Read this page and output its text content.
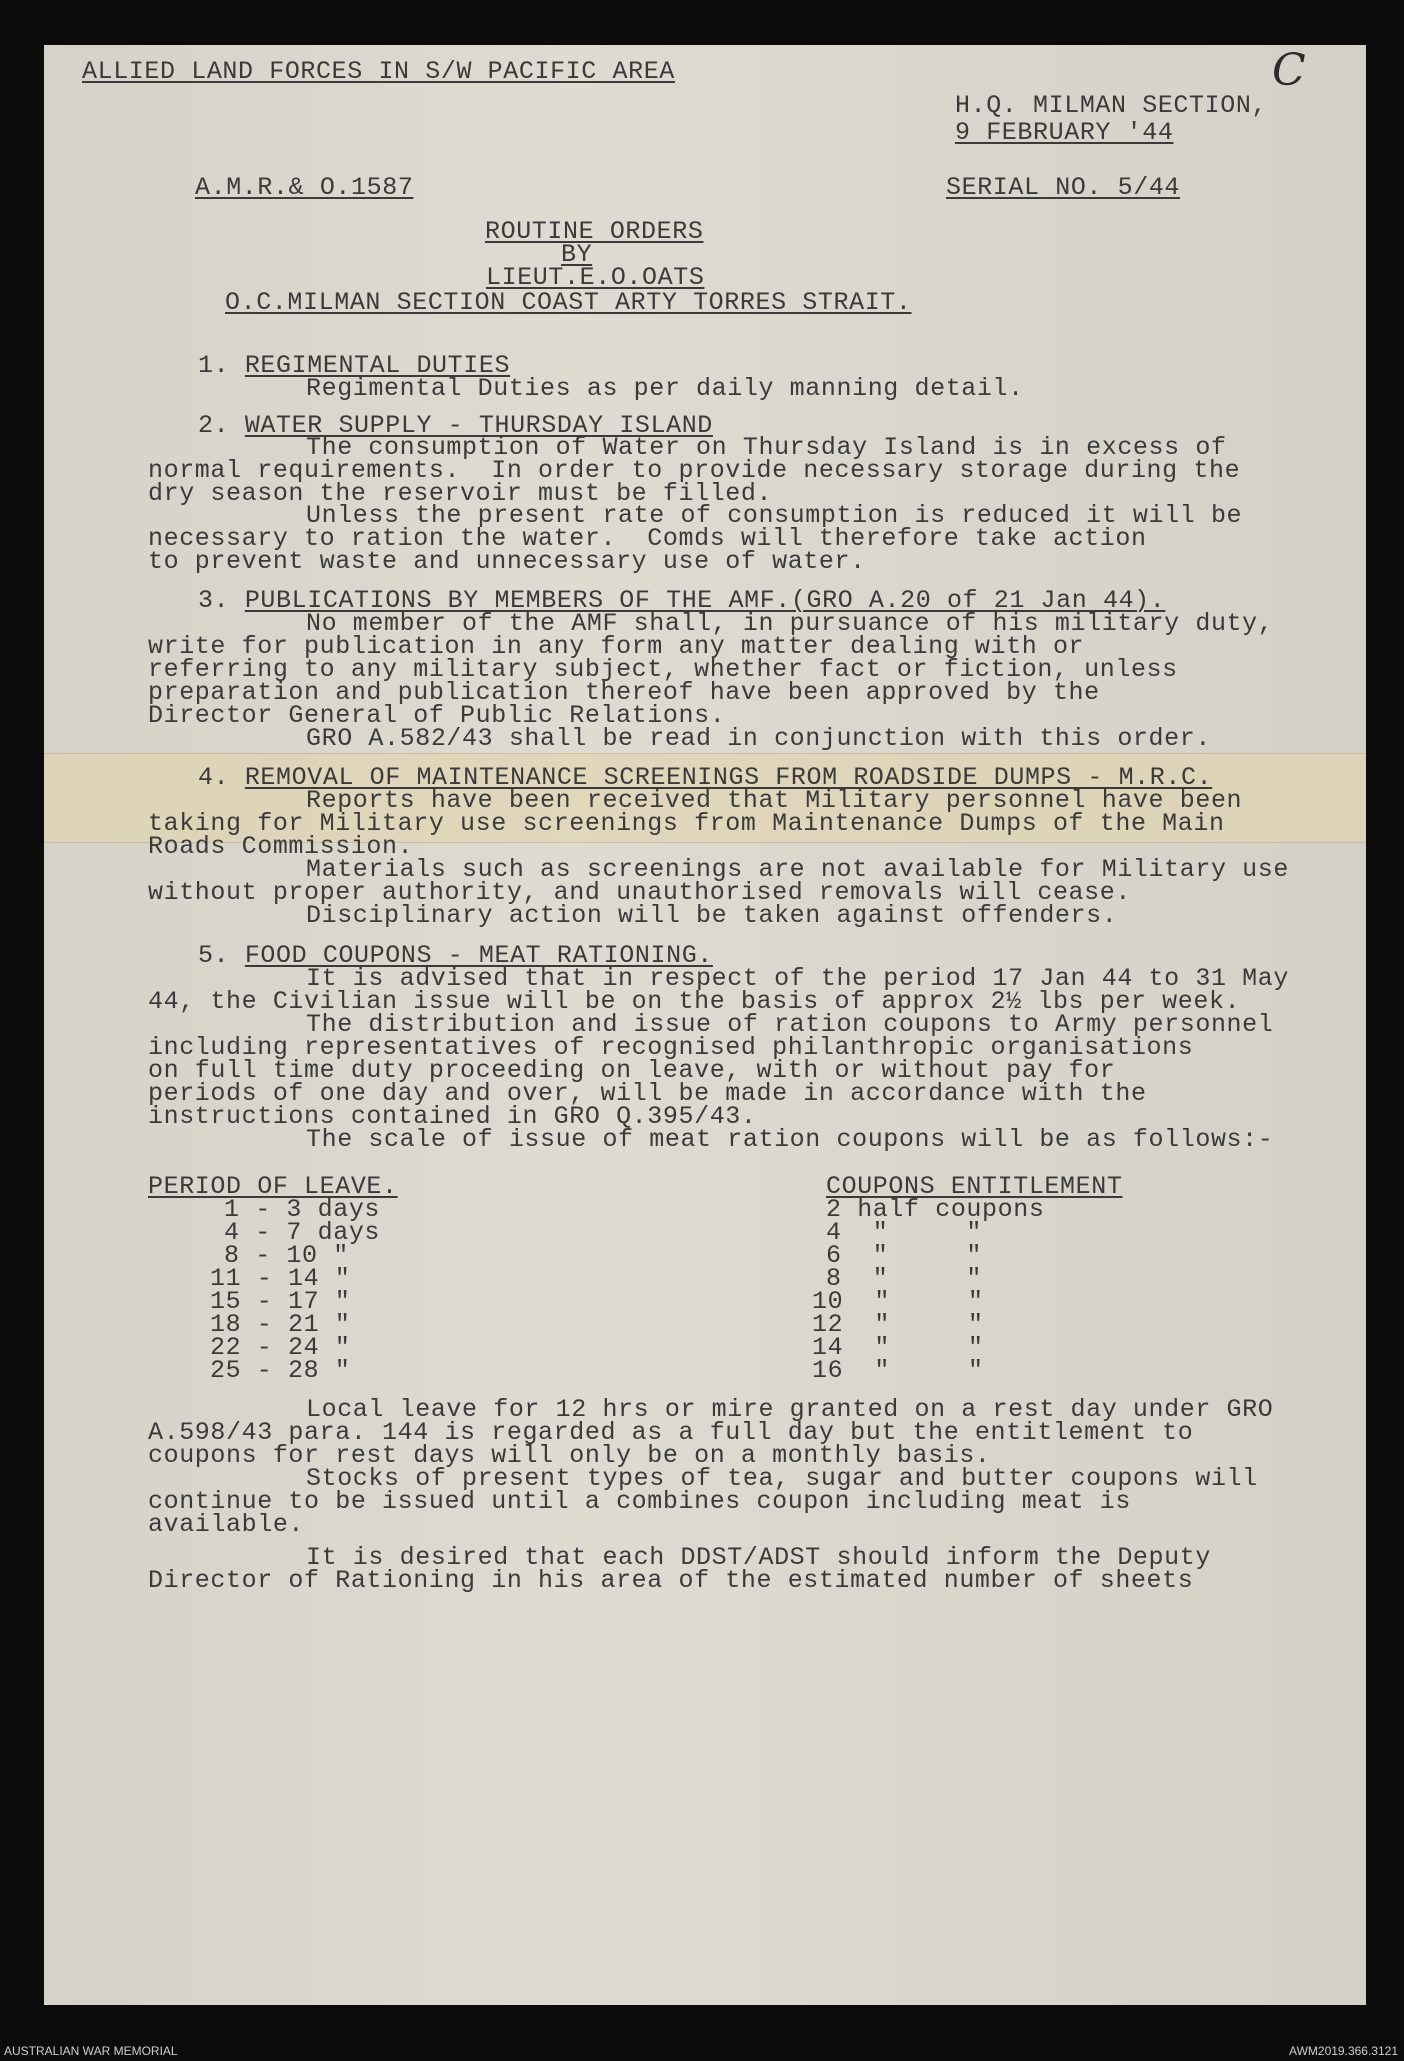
ALLIED LAND FORCES IN S/W PACIFIC AREA	C
H.Q. MILMAN SECTION,
9 FEBRUARY '44
A.M.R.& O.1587	SERIAL NO. 5/44
ROUTINE ORDERS
BY
LIEUT.E.O.OATS
O.C.MILMAN SECTION COAST ARTY TORRES STRAIT.
1. REGIMENTAL DUTIES
Regimental Duties as per daily manning detail.
2. WATER SUPPLY - THURSDAY ISLAND
The consumption of Water on Thursday Island is in excess of
normal requirements.  In order to provide necessary storage during the
dry season the reservoir must be filled.
Unless the present rate of consumption is reduced it will be
necessary to ration the water.  Comds will therefore take action
to prevent waste and unnecessary use of water.
3. PUBLICATIONS BY MEMBERS OF THE AMF.(GRO A.20 of 21 Jan 44).
No member of the AMF shall, in pursuance of his military duty,
write for publication in any form any matter dealing with or
referring to any military subject, whether fact or fiction, unless
preparation and publication thereof have been approved by the
Director General of Public Relations.
GRO A.582/43 shall be read in conjunction with this order.
4. REMOVAL OF MAINTENANCE SCREENINGS FROM ROADSIDE DUMPS - M.R.C.
Reports have been received that Military personnel have been
taking for Military use screenings from Maintenance Dumps of the Main
Roads Commission.
Materials such as screenings are not available for Military use
without proper authority, and unauthorised removals will cease.
Disciplinary action will be taken against offenders.
5. FOOD COUPONS - MEAT RATIONING.
It is advised that in respect of the period 17 Jan 44 to 31 May
44, the Civilian issue will be on the basis of approx 2½ lbs per week.
The distribution and issue of ration coupons to Army personnel
including representatives of recognised philanthropic organisations
on full time duty proceeding on leave, with or without pay for
periods of one day and over, will be made in accordance with the
instructions contained in GRO Q.395/43.
The scale of issue of meat ration coupons will be as follows:-
PERIOD OF LEAVE.	COUPONS ENTITLEMENT
1 - 3 days	2 half coupons
4 - 7 days	4  "     "
8 - 10 "	6  "     "
11 - 14 "	8  "     "
15 - 17 "	10  "     "
18 - 21 "	12  "     "
22 - 24 "	14  "     "
25 - 28 "	16  "     "
Local leave for 12 hrs or mire granted on a rest day under GRO
A.598/43 para. 144 is regarded as a full day but the entitlement to
coupons for rest days will only be on a monthly basis.
Stocks of present types of tea, sugar and butter coupons will
continue to be issued until a combines coupon including meat is
available.
It is desired that each DDST/ADST should inform the Deputy
Director of Rationing in his area of the estimated number of sheets
AUSTRALIAN WAR MEMORIAL	AWM2019.366.3121
